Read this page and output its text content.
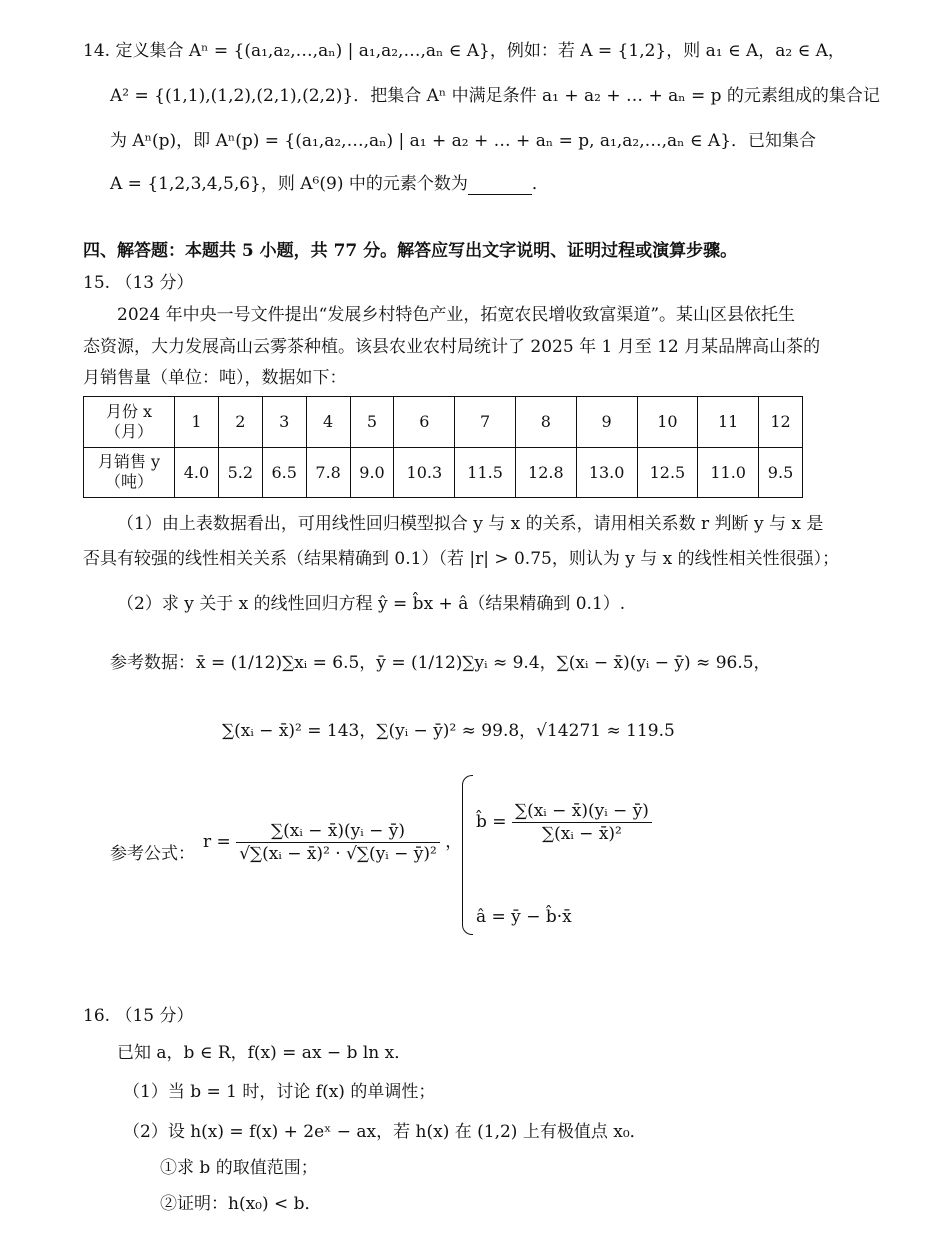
14. 定义集合 Aⁿ = {(a₁,a₂,…,aₙ) | a₁,a₂,…,aₙ ∈ A}，例如：若 A = {1,2}，则 a₁ ∈ A，a₂ ∈ A，
A² = {(1,1),(1,2),(2,1),(2,2)}．把集合 Aⁿ 中满足条件 a₁ + a₂ + … + aₙ = p 的元素组成的集合记
为 Aⁿ(p)，即 Aⁿ(p) = {(a₁,a₂,…,aₙ) | a₁ + a₂ + … + aₙ = p, a₁,a₂,…,aₙ ∈ A}．已知集合
A = {1,2,3,4,5,6}，则 A⁶(9) 中的元素个数为	．
四、解答题：本题共 5 小题，共 77 分。解答应写出文字说明、证明过程或演算步骤。
15. （13 分）
2024 年中央一号文件提出“发展乡村特色产业，拓宽农民增收致富渠道”。某山区县依托生
态资源，大力发展高山云雾茶种植。该县农业农村局统计了 2025 年 1 月至 12 月某品牌高山茶的
月销售量（单位：吨），数据如下：
月份 x
（月）	1	2	3	4	5	6	7	8	9	10	11	12
月销售 y
（吨）	4.0	5.2	6.5	7.8	9.0	10.3	11.5	12.8	13.0	12.5	11.0	9.5
（1）由上表数据看出，可用线性回归模型拟合 y 与 x 的关系，请用相关系数 r 判断 y 与 x 是
否具有较强的线性相关关系（结果精确到 0.1）（若 |r| > 0.75，则认为 y 与 x 的线性相关性很强）；
（2）求 y 关于 x 的线性回归方程 ŷ = b̂x + â（结果精确到 0.1）.
参考数据： x̄ = (1/12)∑xᵢ = 6.5，ȳ = (1/12)∑yᵢ ≈ 9.4，∑(xᵢ − x̄)(yᵢ − ȳ) ≈ 96.5，
∑(xᵢ − x̄)² = 143，∑(yᵢ − ȳ)² ≈ 99.8，√14271 ≈ 119.5
参考公式：
$r = \frac{\text{∑(xᵢ − x̄)(yᵢ − ȳ)}}{\text{√∑(xᵢ − x̄)² · √∑(yᵢ − ȳ)²}}$ ，
b̂ = $\frac{\text{∑(xᵢ − x̄)(yᵢ − ȳ)}}{\text{∑(xᵢ − x̄)²}}$
â = ȳ − b̂·x̄
16. （15 分）
已知 a，b ∈ R，f(x) = ax − b ln x．
（1）当 b = 1 时，讨论 f(x) 的单调性；
（2）设 h(x) = f(x) + 2eˣ − ax，若 h(x) 在 (1,2) 上有极值点 x₀．
①求 b 的取值范围；
②证明：h(x₀) < b．
